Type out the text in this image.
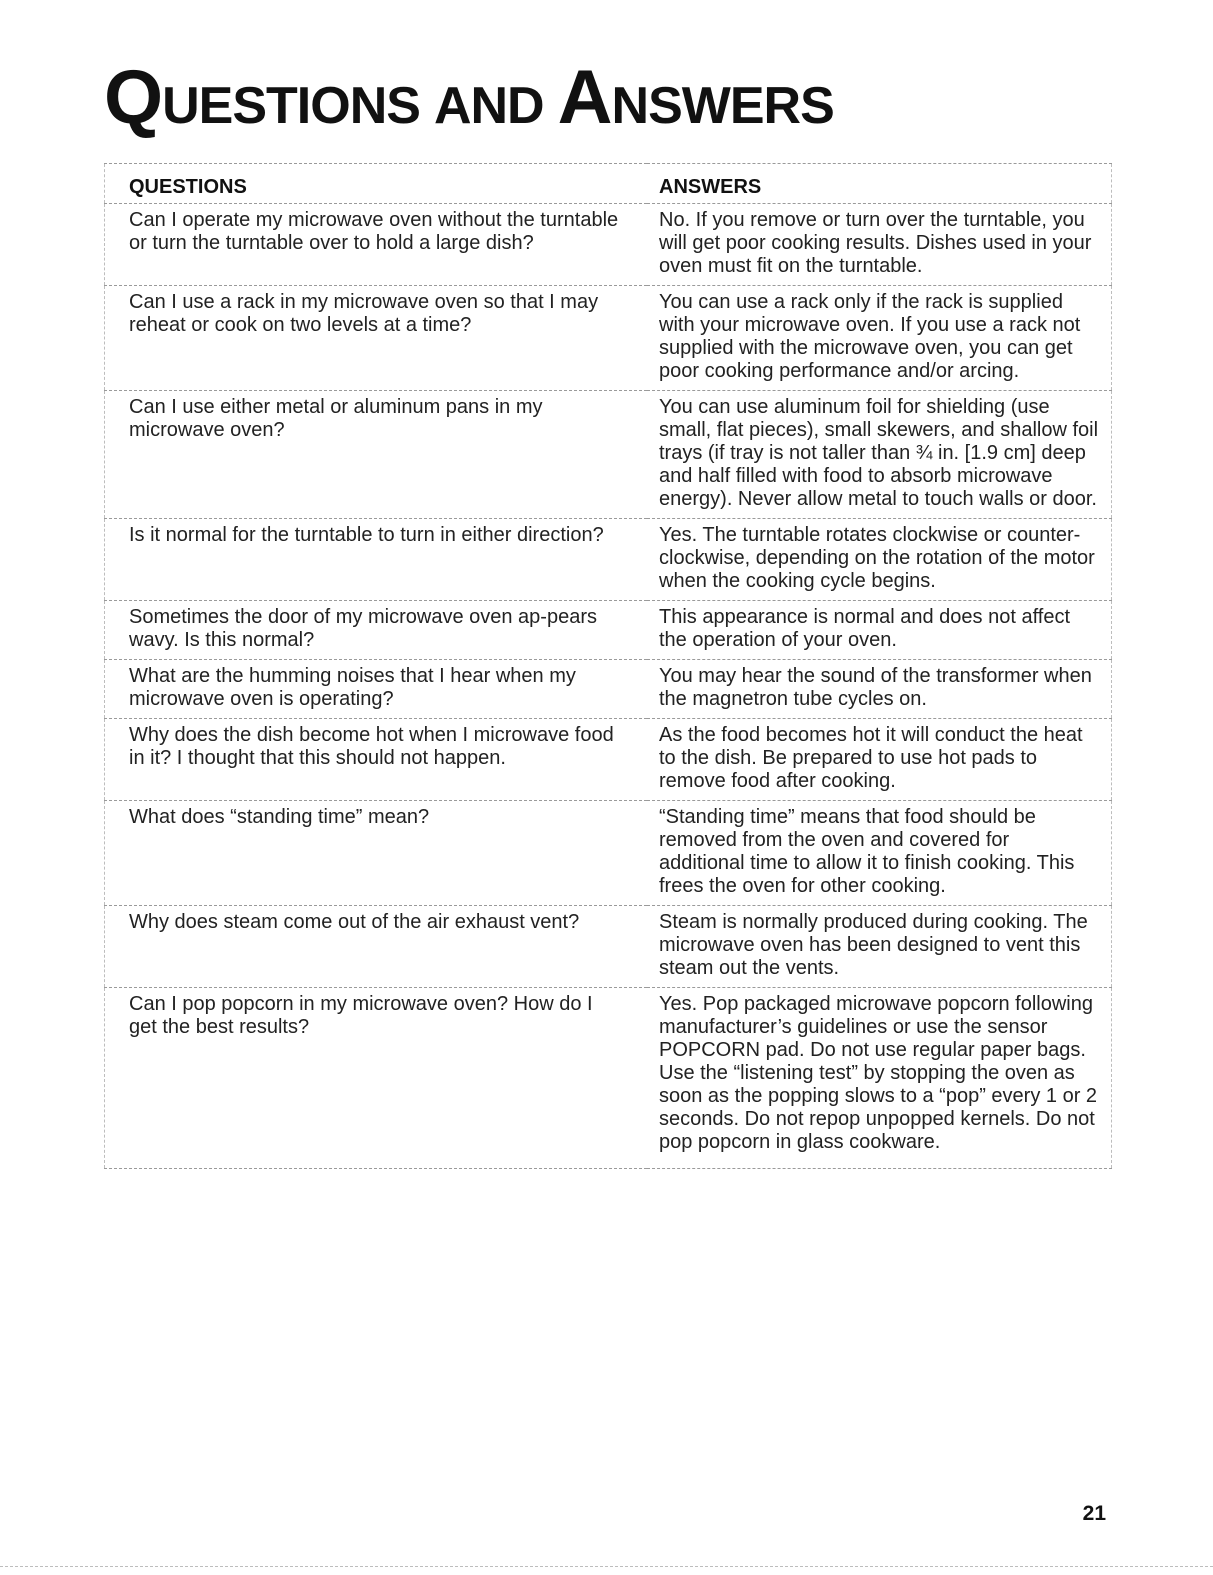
QUESTIONS AND ANSWERS
QUESTIONS	ANSWERS
Can I operate my microwave oven without the turntable or turn the turntable over to hold a large dish?	No. If you remove or turn over the turntable, you will get poor cooking results. Dishes used in your oven must fit on the turntable.
Can I use a rack in my microwave oven so that I may reheat or cook on two levels at a time?	You can use a rack only if the rack is supplied with your microwave oven. If you use a rack not supplied with the microwave oven, you can get poor cooking performance and/or arcing.
Can I use either metal or aluminum pans in my microwave oven?	You can use aluminum foil for shielding (use small, flat pieces), small skewers, and shallow foil trays (if tray is not taller than ¾ in. [1.9 cm] deep and half filled with food to absorb microwave energy). Never allow metal to touch walls or door.
Is it normal for the turntable to turn in either direction?	Yes. The turntable rotates clockwise or counter-clockwise, depending on the rotation of the motor when the cooking cycle begins.
Sometimes the door of my microwave oven ap-pears wavy. Is this normal?	This appearance is normal and does not affect the operation of your oven.
What are the humming noises that I hear when my microwave oven is operating?	You may hear the sound of the transformer when the magnetron tube cycles on.
Why does the dish become hot when I microwave food in it? I thought that this should not happen.	As the food becomes hot it will conduct the heat to the dish. Be prepared to use hot pads to remove food after cooking.
What does “standing time” mean?	“Standing time” means that food should be removed from the oven and covered for additional time to allow it to finish cooking. This frees the oven for other cooking.
Why does steam come out of the air exhaust vent?	Steam is normally produced during cooking. The microwave oven has been designed to vent this steam out the vents.
Can I pop popcorn in my microwave oven? How do I get the best results?	Yes. Pop packaged microwave popcorn following manufacturer’s guidelines or use the sensor POPCORN pad. Do not use regular paper bags. Use the “listening test” by stopping the oven as soon as the popping slows to a “pop” every 1 or 2 seconds. Do not repop unpopped kernels. Do not pop popcorn in glass cookware.
21
